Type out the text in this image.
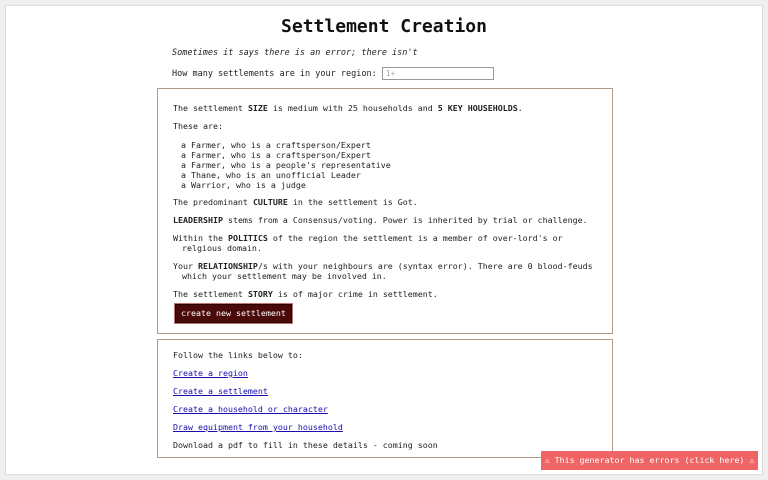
Settlement Creation
Sometimes it says there is an error; there isn't
How many settlements are in your region:
1+
The settlement SIZE is medium with 25 households and 5 KEY HOUSEHOLDS.
These are:
a Farmer, who is a craftsperson/Expert
a Farmer, who is a craftsperson/Expert
a Farmer, who is a people's representative
a Thane, who is an unofficial Leader
a Warrior, who is a judge
The predominant CULTURE in the settlement is Got.
LEADERSHIP stems from a Consensus/voting. Power is inherited by trial or challenge.
Within the POLITICS of the region the settlement is a member of over-lord's or relgious domain.
Your RELATIONSHIP/s with your neighbours are (syntax error). There are 0 blood-feuds which your settlement may be involved in.
The settlement STORY is of major crime in settlement.
create new settlement
Follow the links below to:
Create a region
Create a settlement
Create a household or character
Draw equipment from your household
Download a pdf to fill in these details - coming soon
⚠ This generator has errors (click here) ⚠
